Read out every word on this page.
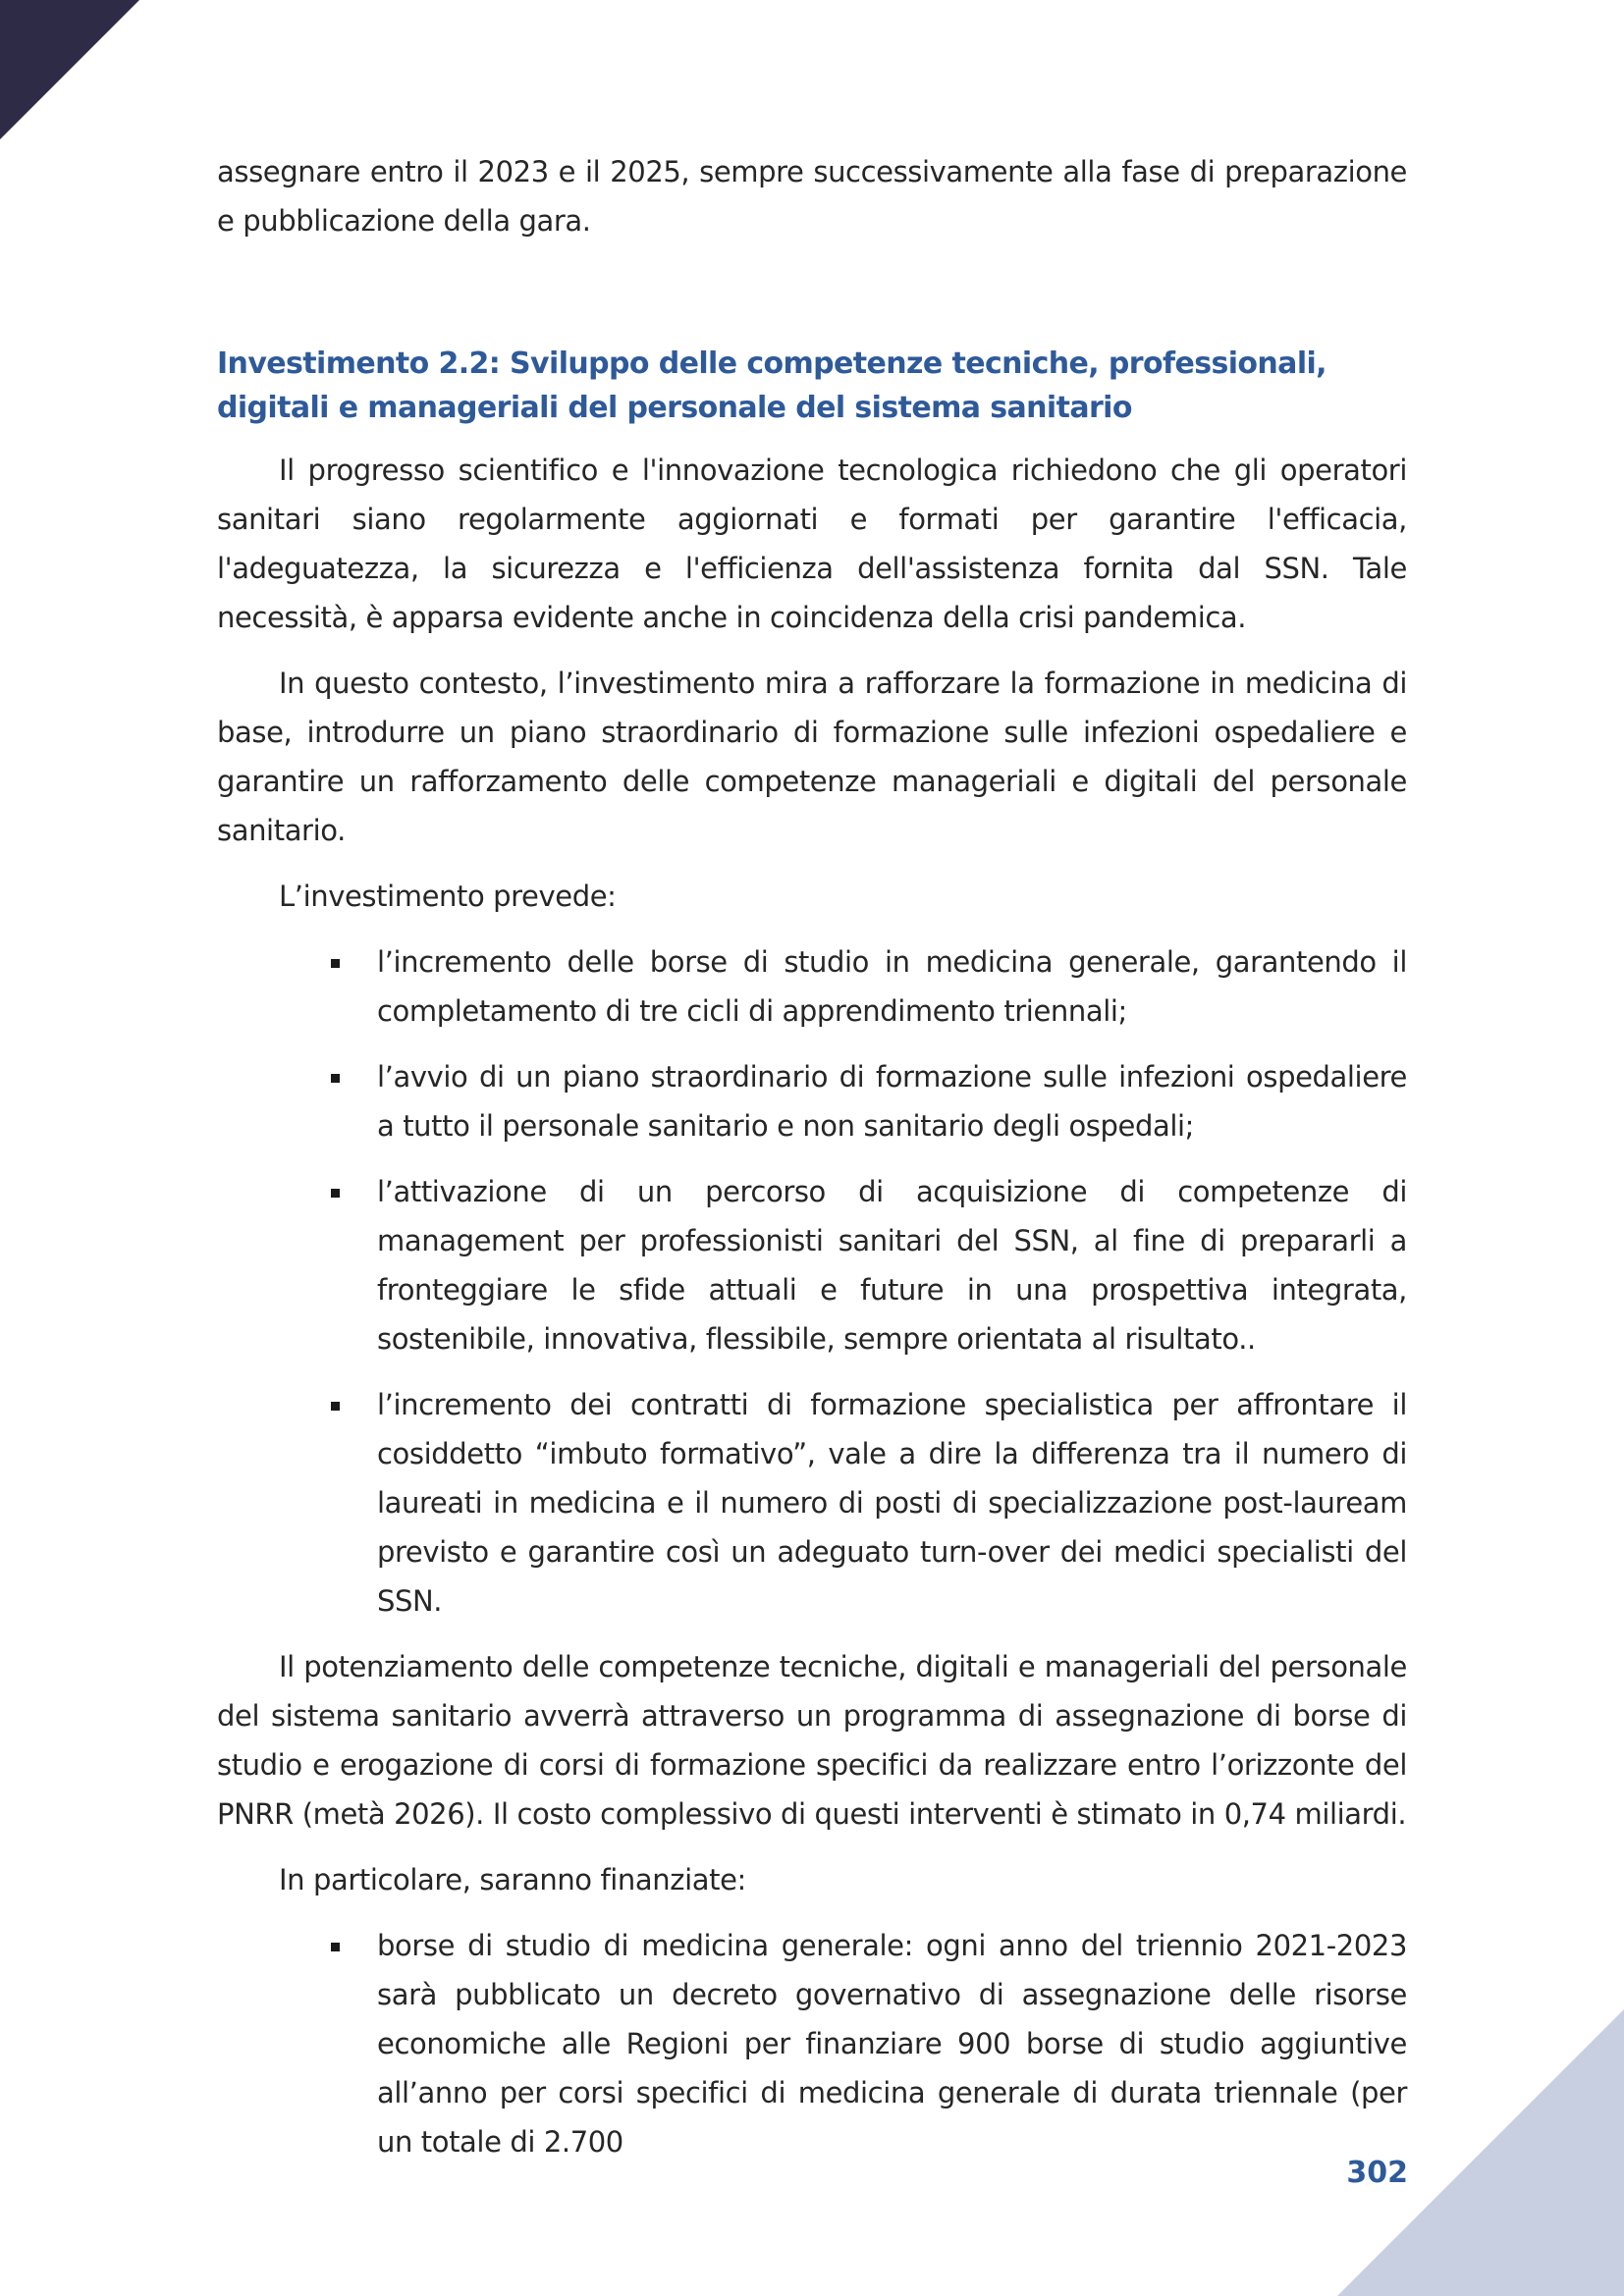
assegnare entro il 2023 e il 2025, sempre successivamente alla fase di preparazione e pubblicazione della gara.

Investimento 2.2: Sviluppo delle competenze tecniche, professionali, digitali e manageriali del personale del sistema sanitario

Il progresso scientifico e l'innovazione tecnologica richiedono che gli operatori sanitari siano regolarmente aggiornati e formati per garantire l'efficacia, l'adeguatezza, la sicurezza e l'efficienza dell'assistenza fornita dal SSN. Tale necessità, è apparsa evidente anche in coincidenza della crisi pandemica.

In questo contesto, l’investimento mira a rafforzare la formazione in medicina di base, introdurre un piano straordinario di formazione sulle infezioni ospedaliere e garantire un rafforzamento delle competenze manageriali e digitali del personale sanitario.

L’investimento prevede:

l’incremento delle borse di studio in medicina generale, garantendo il completamento di tre cicli di apprendimento triennali;
l’avvio di un piano straordinario di formazione sulle infezioni ospedaliere a tutto il personale sanitario e non sanitario degli ospedali;
l’attivazione di un percorso di acquisizione di competenze di management per professionisti sanitari del SSN, al fine di prepararli a fronteggiare le sfide attuali e future in una prospettiva integrata, sostenibile, innovativa, flessibile, sempre orientata al risultato..
l’incremento dei contratti di formazione specialistica per affrontare il cosiddetto “imbuto formativo”, vale a dire la differenza tra il numero di laureati in medicina e il numero di posti di specializzazione post-lauream previsto e garantire così un adeguato turn-over dei medici specialisti del SSN.

Il potenziamento delle competenze tecniche, digitali e manageriali del personale del sistema sanitario avverrà attraverso un programma di assegnazione di borse di studio e erogazione di corsi di formazione specifici da realizzare entro l’orizzonte del PNRR (metà 2026). Il costo complessivo di questi interventi è stimato in 0,74 miliardi.

In particolare, saranno finanziate:

borse di studio di medicina generale: ogni anno del triennio 2021-2023 sarà pubblicato un decreto governativo di assegnazione delle risorse economiche alle Regioni per finanziare 900 borse di studio aggiuntive all’anno per corsi specifici di medicina generale di durata triennale (per un totale di 2.700
302
